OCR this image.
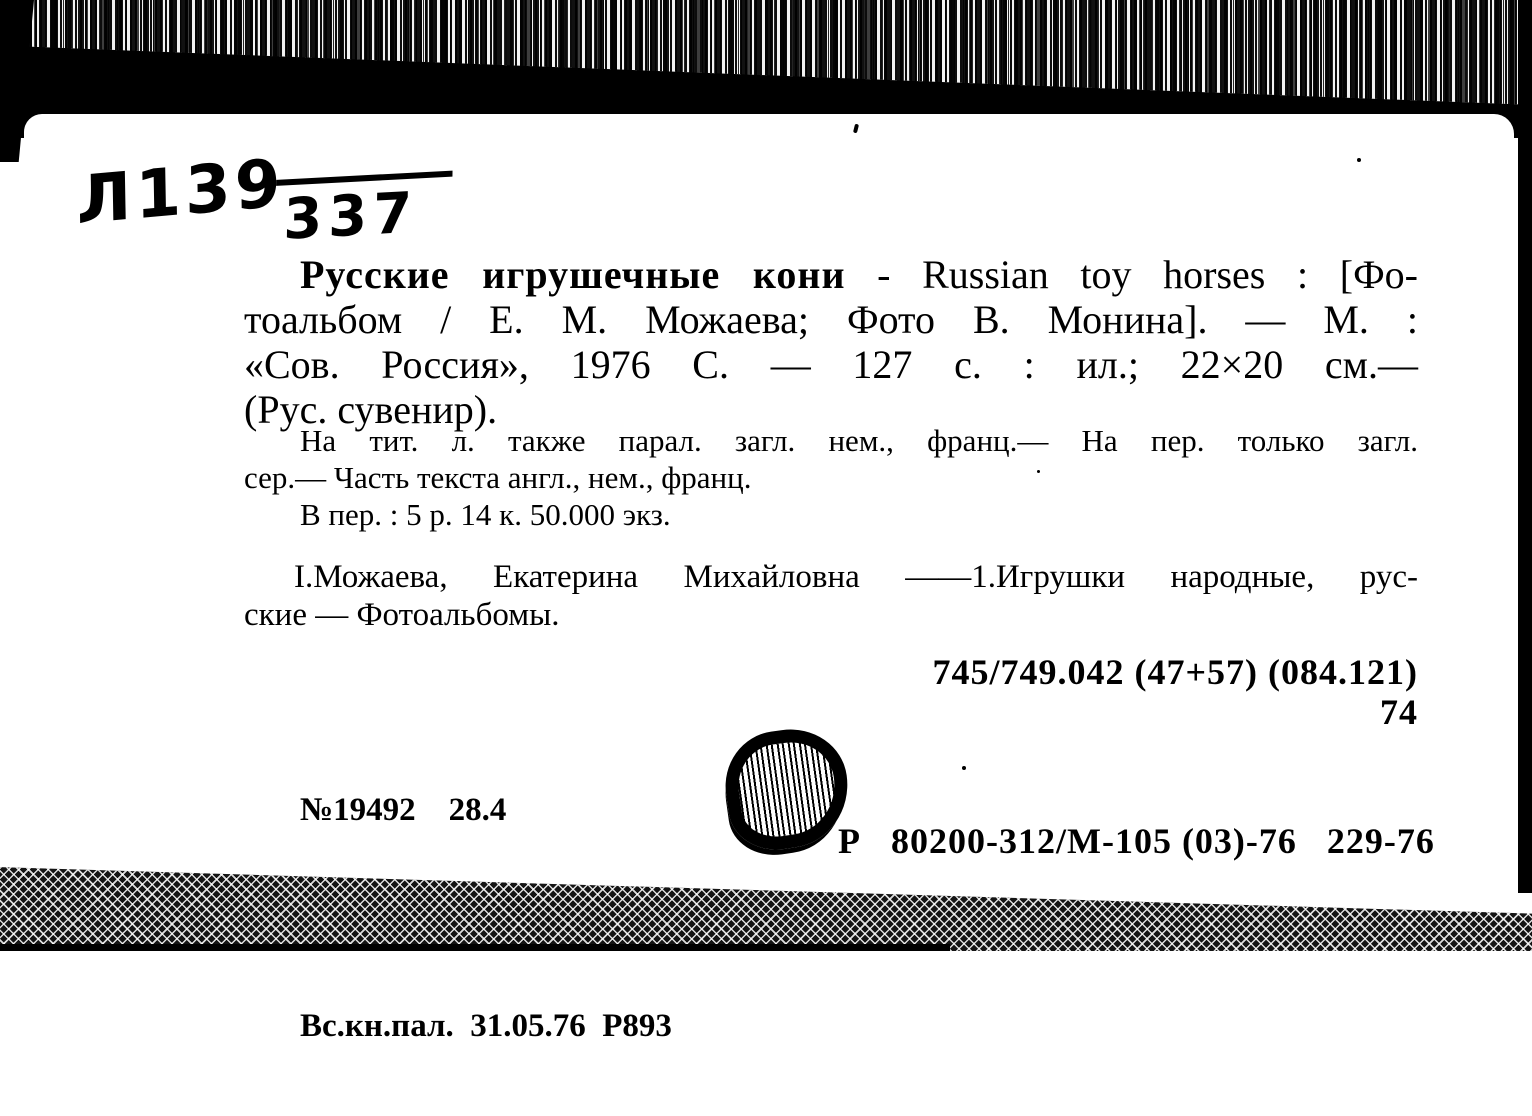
Л139337
Русские игрушечные кони - Russian toy horses : [Фо-
тоальбом / Е. М. Можаева; Фото В. Монина]. — М. :
«Сов. Россия», 1976 С. — 127 с. : ил.; 22×20 см.—
(Рус. сувенир).
На тит. л. также парал. загл. нем., франц.— На пер. только загл.
сер.— Часть текста англ., нем., франц.
В пер. : 5 р. 14 к. 50.000 экз.
I.Можаева, Екатерина Михайловна ——1.Игрушки народные, рус-
ские — Фотоальбомы.
745/749.042 (47+57) (084.121)
74

№19492    28.4

Вс.кн.пал.  31.05.76  Р893

Р   80200-312/М-105 (03)-76   229-76
